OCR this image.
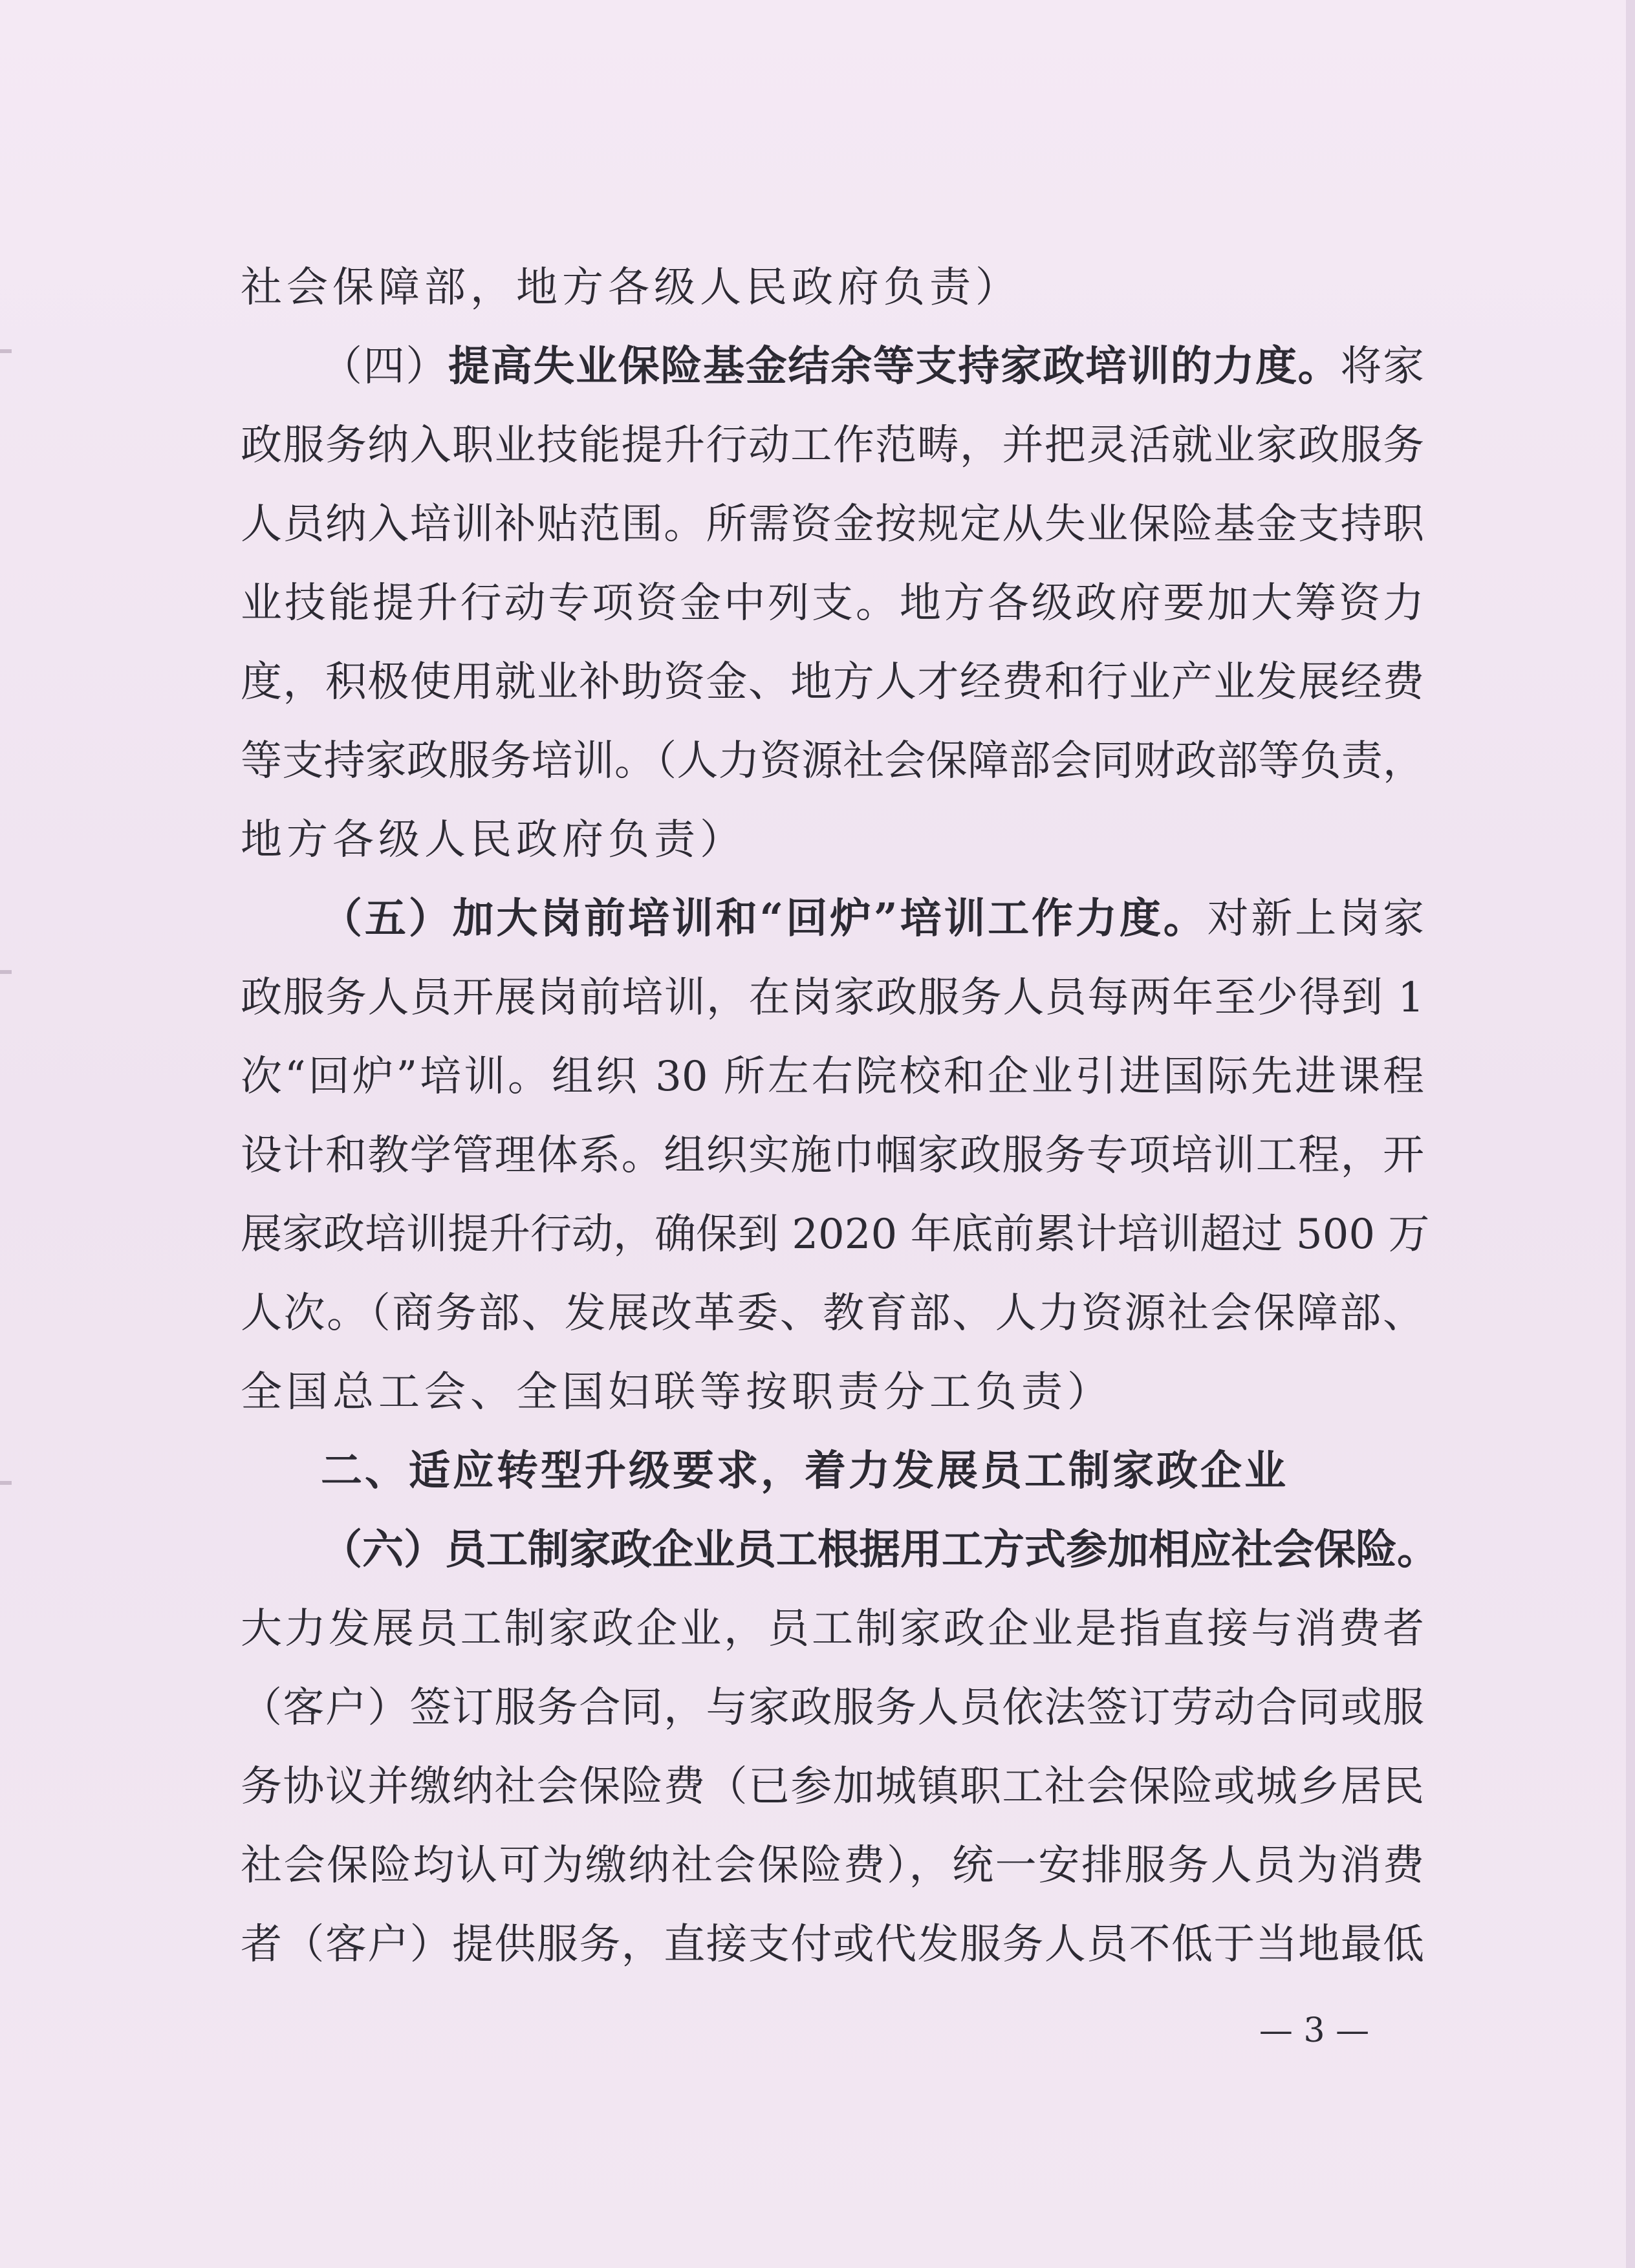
社会保障部，地方各级人民政府负责）
（四）提高失业保险基金结余等支持家政培训的力度。将家
政服务纳入职业技能提升行动工作范畴，并把灵活就业家政服务
人员纳入培训补贴范围。所需资金按规定从失业保险基金支持职
业技能提升行动专项资金中列支。地方各级政府要加大筹资力
度，积极使用就业补助资金、地方人才经费和行业产业发展经费
等支持家政服务培训。（人力资源社会保障部会同财政部等负责，
地方各级人民政府负责）
（五）加大岗前培训和“回炉”培训工作力度。对新上岗家
政服务人员开展岗前培训，在岗家政服务人员每两年至少得到 1
次“回炉”培训。组织 30 所左右院校和企业引进国际先进课程
设计和教学管理体系。组织实施巾帼家政服务专项培训工程，开
展家政培训提升行动，确保到 2020 年底前累计培训超过 500 万
人次。（商务部、发展改革委、教育部、人力资源社会保障部、
全国总工会、全国妇联等按职责分工负责）
二、适应转型升级要求，着力发展员工制家政企业
（六）员工制家政企业员工根据用工方式参加相应社会保险。
大力发展员工制家政企业，员工制家政企业是指直接与消费者
（客户）签订服务合同，与家政服务人员依法签订劳动合同或服
务协议并缴纳社会保险费（已参加城镇职工社会保险或城乡居民
社会保险均认可为缴纳社会保险费），统一安排服务人员为消费
者（客户）提供服务，直接支付或代发服务人员不低于当地最低
— 3 —
